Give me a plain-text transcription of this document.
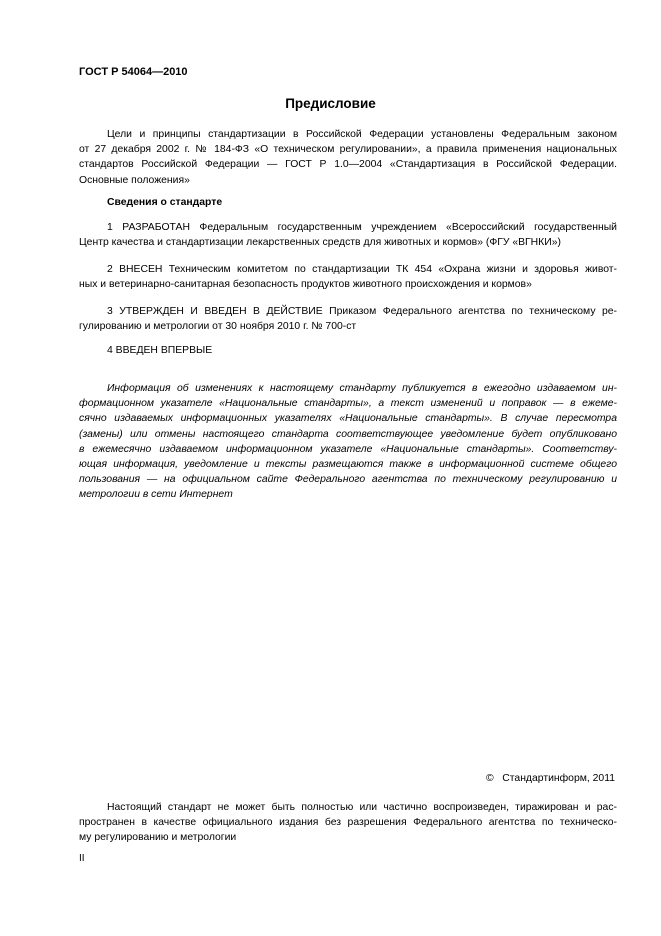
ГОСТ Р 54064—2010
Предисловие
Цели и принципы стандартизации в Российской Федерации установлены Федеральным законом
от 27 декабря 2002 г. № 184-ФЗ «О техническом регулировании», а правила применения национальных
стандартов Российской Федерации — ГОСТ Р 1.0—2004 «Стандартизация в Российской Федерации.
Основные положения»
Сведения о стандарте
1 РАЗРАБОТАН Федеральным государственным учреждением «Всероссийский государственный
Центр качества и стандартизации лекарственных средств для животных и кормов» (ФГУ «ВГНКИ»)
2 ВНЕСЕН Техническим комитетом по стандартизации ТК 454 «Охрана жизни и здоровья живот-
ных и ветеринарно-санитарная безопасность продуктов животного происхождения и кормов»
3 УТВЕРЖДЕН И ВВЕДЕН В ДЕЙСТВИЕ Приказом Федерального агентства по техническому ре-
гулированию и метрологии от 30 ноября 2010 г. № 700-ст
4 ВВЕДЕН ВПЕРВЫЕ
Информация об изменениях к настоящему стандарту публикуется в ежегодно издаваемом ин-
формационном указателе «Национальные стандарты», а текст изменений и поправок — в ежеме-
сячно издаваемых информационных указателях «Национальные стандарты». В случае пересмотра
(замены) или отмены настоящего стандарта соответствующее уведомление будет опубликовано
в ежемесячно издаваемом информационном указателе «Национальные стандарты». Соответству-
ющая информация, уведомление и тексты размещаются также в информационной системе общего
пользования — на официальном сайте Федерального агентства по техническому регулированию и
метрологии в сети Интернет
©   Стандартинформ, 2011
Настоящий стандарт не может быть полностью или частично воспроизведен, тиражирован и рас-
пространен в качестве официального издания без разрешения Федерального агентства по техническо-
му регулированию и метрологии
II
